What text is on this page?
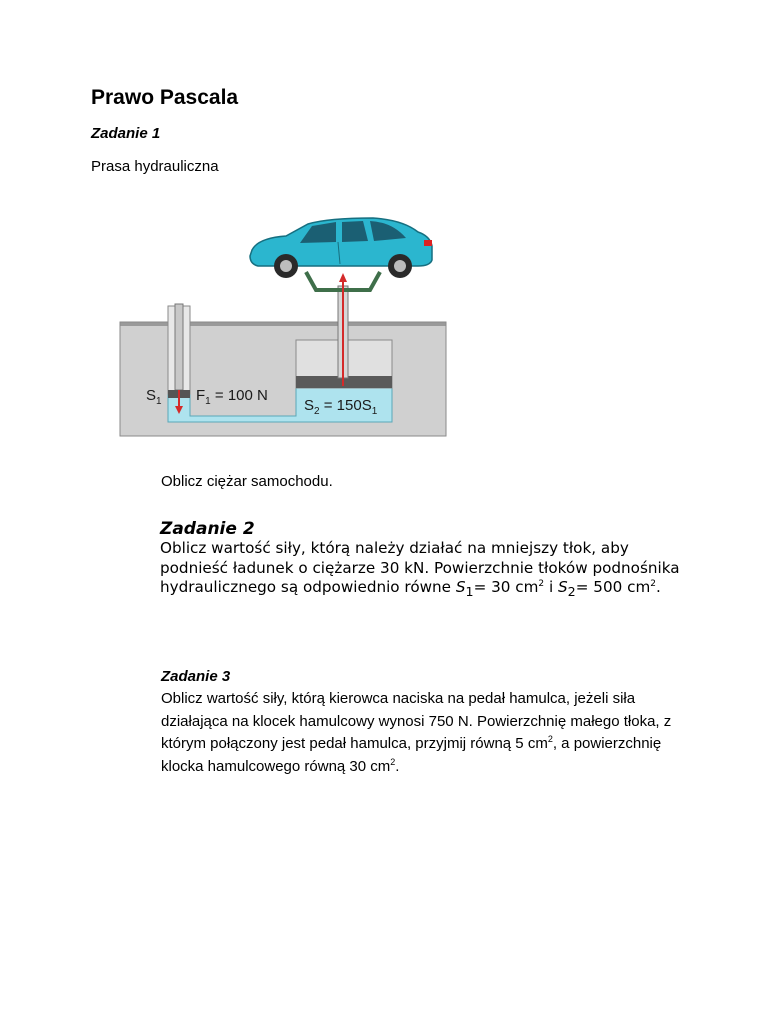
Prawo Pascala
Zadanie 1
Prasa hydrauliczna
$S_1$ $F_1 = 100$ N
$S_2 = 150S_1$
Oblicz ciężar samochodu.
Zadanie 2
Oblicz wartość siły, którą należy działać na mniejszy tłok, aby podnieść ładunek o ciężarze 30 kN. Powierzchnie tłoków podnośnika hydraulicznego są odpowiednio równe $S_1= 30$ $cm^2$ i $S_2= 500$ $cm^2$.
Zadanie 3
Oblicz wartość siły, którą kierowca naciska na pedał hamulca, jeżeli siła działająca na klocek hamulcowy wynosi 750 N. Powierzchnię małego tłoka, z którym połączony jest pedał hamulca, przyjmij równą 5 $cm^2$, a powierzchnię klocka hamulcowego równą 30 $cm^2$.
